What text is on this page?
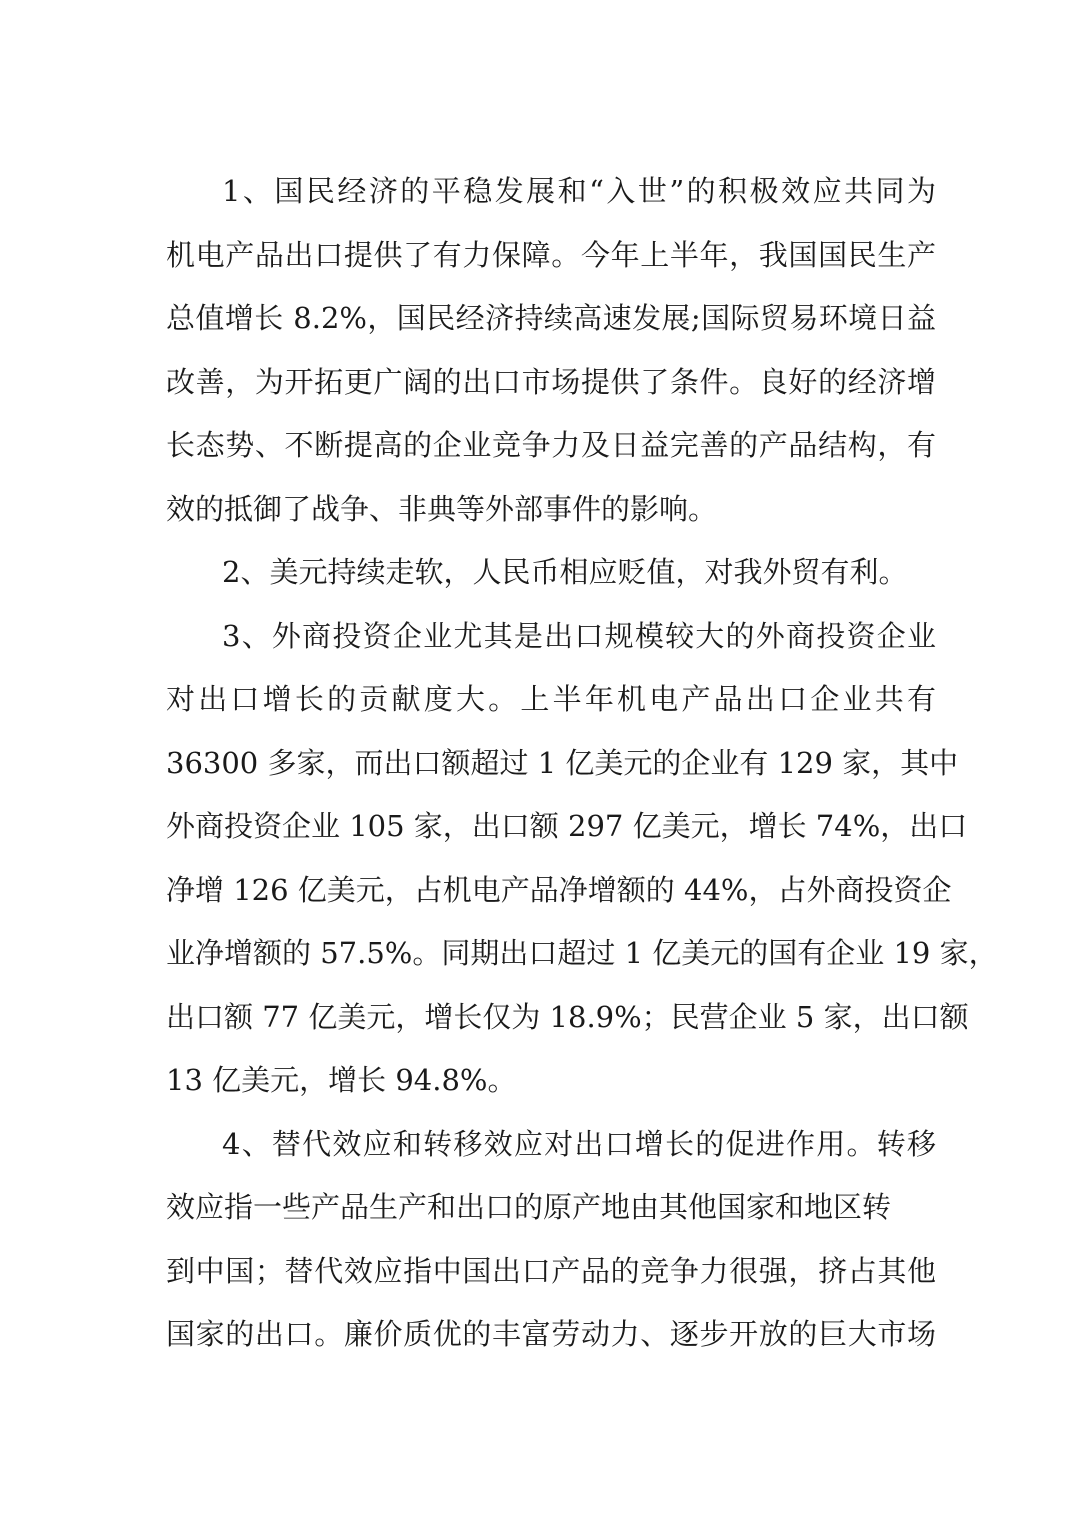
1、国民经济的平稳发展和“入世”的积极效应共同为
机电产品出口提供了有力保障。今年上半年，我国国民生产
总值增长 8.2%，国民经济持续高速发展;国际贸易环境日益
改善，为开拓更广阔的出口市场提供了条件。良好的经济增
长态势、不断提高的企业竞争力及日益完善的产品结构，有
效的抵御了战争、非典等外部事件的影响。
2、美元持续走软，人民币相应贬值，对我外贸有利。
3、外商投资企业尤其是出口规模较大的外商投资企业
对出口增长的贡献度大。上半年机电产品出口企业共有
36300 多家，而出口额超过 1 亿美元的企业有 129 家，其中
外商投资企业 105 家，出口额 297 亿美元，增长 74%，出口
净增 126 亿美元，占机电产品净增额的 44%，占外商投资企
业净增额的 57.5%。同期出口超过 1 亿美元的国有企业 19 家，
出口额 77 亿美元，增长仅为 18.9%；民营企业 5 家，出口额
13 亿美元，增长 94.8%。
4、替代效应和转移效应对出口增长的促进作用。转移
效应指一些产品生产和出口的原产地由其他国家和地区转
到中国；替代效应指中国出口产品的竞争力很强，挤占其他
国家的出口。廉价质优的丰富劳动力、逐步开放的巨大市场
